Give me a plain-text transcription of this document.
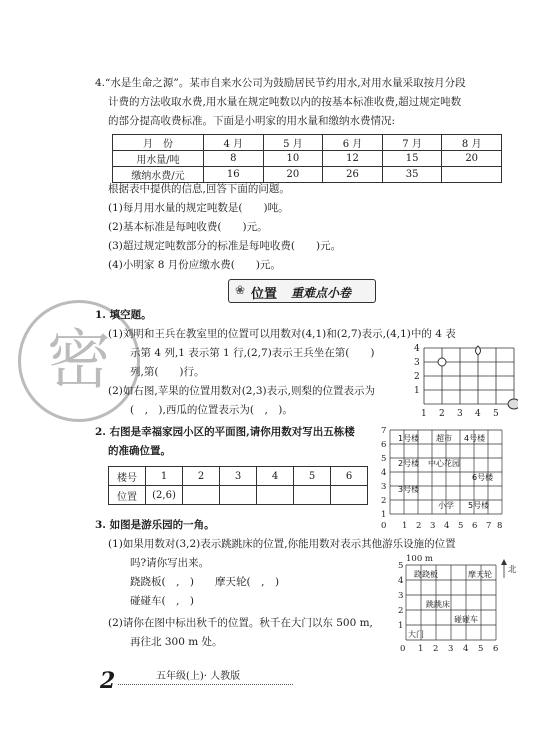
4.“水是生命之源”。某市自来水公司为鼓励居民节约用水,对用水量采取按月分段
计费的方法收取水费,用水量在规定吨数以内的按基本标准收费,超过规定吨数
的部分提高收费标准。下面是小明家的用水量和缴纳水费情况:
月　份	4 月	5 月	6 月	7 月	8 月
用水量/吨	8	10	12	15	20
缴纳水费/元	16	20	26	35	
根据表中提供的信息,回答下面的问题。
(1)每月用水量的规定吨数是(　　)吨。
(2)基本标准是每吨收费(　　)元。
(3)超过规定吨数部分的标准是每吨收费(　　)元。
(4)小明家 8 月份应缴水费(　　)元。
❀ 位置 重难点小卷
密
1. 填空题。
(1)刘明和王兵在教室里的位置可以用数对(4,1)和(2,7)表示,(4,1)中的 4 表
示第 4 列,1 表示第 1 行,(2,7)表示王兵坐在第(　　)
列,第(　　)行。
(2)如右图,苹果的位置用数对(2,3)表示,则梨的位置表示为
(　,　),西瓜的位置表示为(　,　)。
4
3
2
1
1 2 3 4 5
2. 右图是幸福家园小区的平面图,请你用数对写出五栋楼
的准确位置。
楼号	1	2	3	4	5	6
位置	(2,6)					
1号楼 超市 4号楼
2号楼 中心花园
6号楼
3号楼
小学 5号楼
7
6
5
4
3
2
1
0 1 2 3 4 5 6 7 8
3. 如图是游乐园的一角。
(1)如果用数对(3,2)表示跳跳床的位置,你能用数对表示其他游乐设施的位置
吗?请你写出来。
跷跷板(　,　)　　摩天轮(　,　)
碰碰车(　,　)
(2)请你在图中标出秋千的位置。秋千在大门以东 500 m,
再往北 300 m 处。
100 m
北
跷跷板	摩天轮
跳跳床
碰碰车
大门
5
4
3
2
1
0 1 2 3 4 5 6
2	五年级(上)· 人教版
